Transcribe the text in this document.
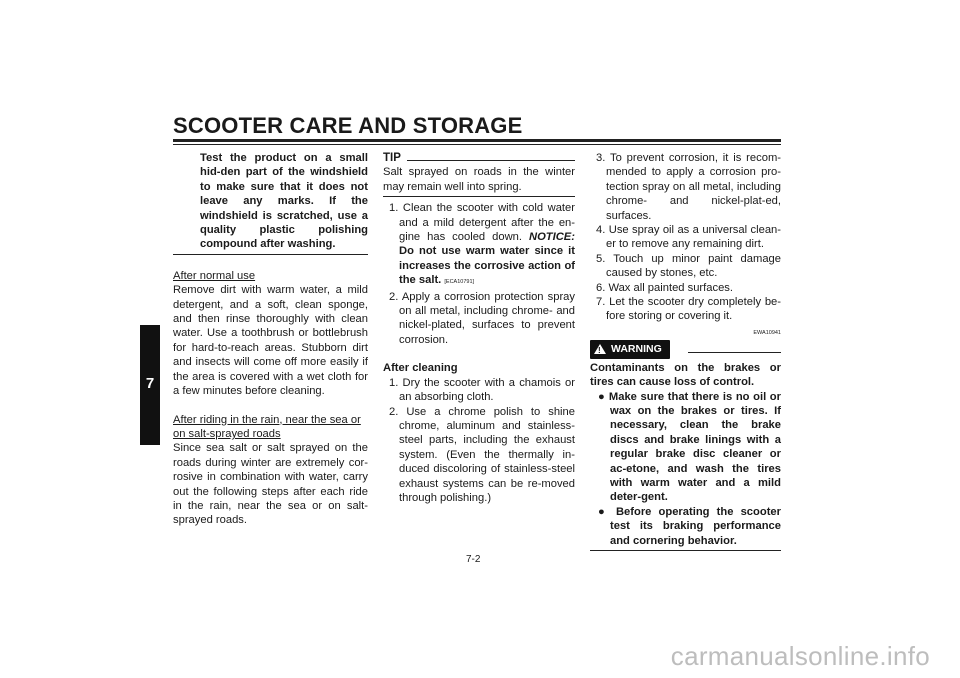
SCOOTER CARE AND STORAGE
7

Test the product on a small hid-den part of the windshield to make sure that it does not leave any marks. If the windshield is scratched, use a quality plastic polishing compound after washing.

After normal use

Remove dirt with warm water, a mild detergent, and a soft, clean sponge, and then rinse thoroughly with clean water. Use a toothbrush or bottlebrush for hard-to-reach areas. Stubborn dirt and insects will come off more easily if the area is covered with a wet cloth for a few minutes before cleaning.

After riding in the rain, near the sea or on salt-sprayed roads

Since sea salt or salt sprayed on the roads during winter are extremely cor-rosive in combination with water, carry out the following steps after each ride in the rain, near the sea or on salt-sprayed roads.

TIP

Salt sprayed on roads in the winter may remain well into spring.

1. Clean the scooter with cold water and a mild detergent after the en-gine has cooled down. NOTICE: Do not use warm water since it increases the corrosive action of the salt. [ECA10791]

2. Apply a corrosion protection spray on all metal, including chrome- and nickel-plated, surfaces to prevent corrosion.

After cleaning

1. Dry the scooter with a chamois or an absorbing cloth.

2. Use a chrome polish to shine chrome, aluminum and stainless-steel parts, including the exhaust system. (Even the thermally in-duced discoloring of stainless-steel exhaust systems can be re-moved through polishing.)

3. To prevent corrosion, it is recom-mended to apply a corrosion pro-tection spray on all metal, including chrome- and nickel-plat-ed, surfaces.

4. Use spray oil as a universal clean-er to remove any remaining dirt.

5. Touch up minor paint damage caused by stones, etc.

6. Wax all painted surfaces.

7. Let the scooter dry completely be-fore storing or covering it.

EWA10941
!
WARNING

Contaminants on the brakes or tires can cause loss of control.

● Make sure that there is no oil or wax on the brakes or tires. If necessary, clean the brake discs and brake linings with a regular brake disc cleaner or ac-etone, and wash the tires with warm water and a mild deter-gent.

● Before operating the scooter test its braking performance and cornering behavior.

7-2
carmanualsonline.info
